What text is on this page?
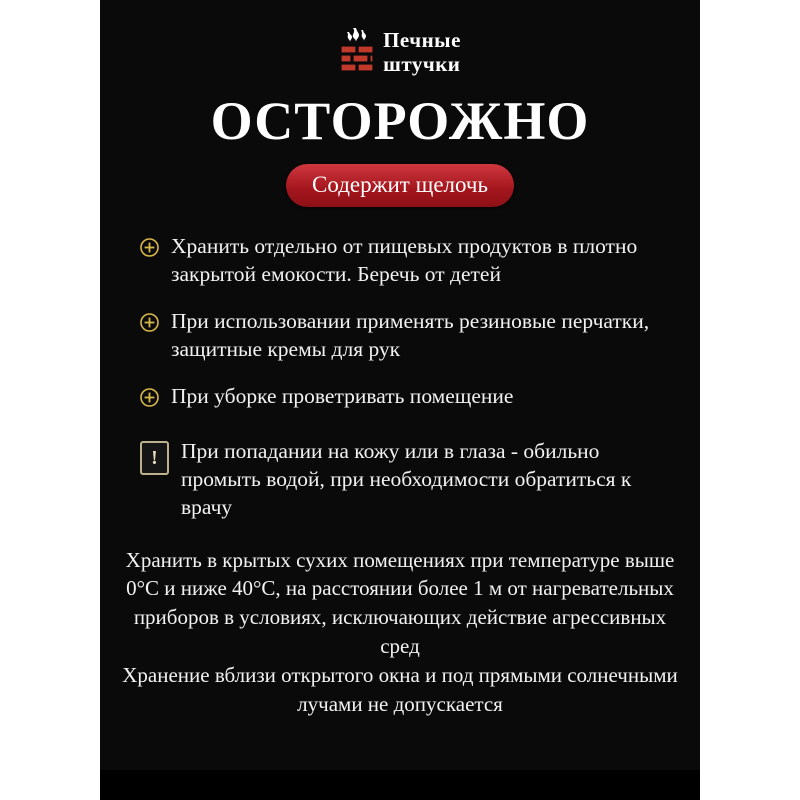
Печные
штучки
ОСТОРОЖНО
Содержит щелочь
Хранить отдельно от пищевых продуктов в плотно закрытой емокости. Беречь от детей
При использовании применять резиновые перчатки, защитные кремы для рук
При уборке проветривать помещение
!	При попадании на кожу или в глаза - обильно промыть водой, при необходимости обратиться к врачу
Хранить в крытых сухих помещениях при температуре выше 0°С и ниже 40°С, на расстоянии более 1 м от нагревательных приборов в условиях, исключающих действие агрессивных сред
Хранение вблизи открытого окна и под прямыми солнечными лучами не допускается
